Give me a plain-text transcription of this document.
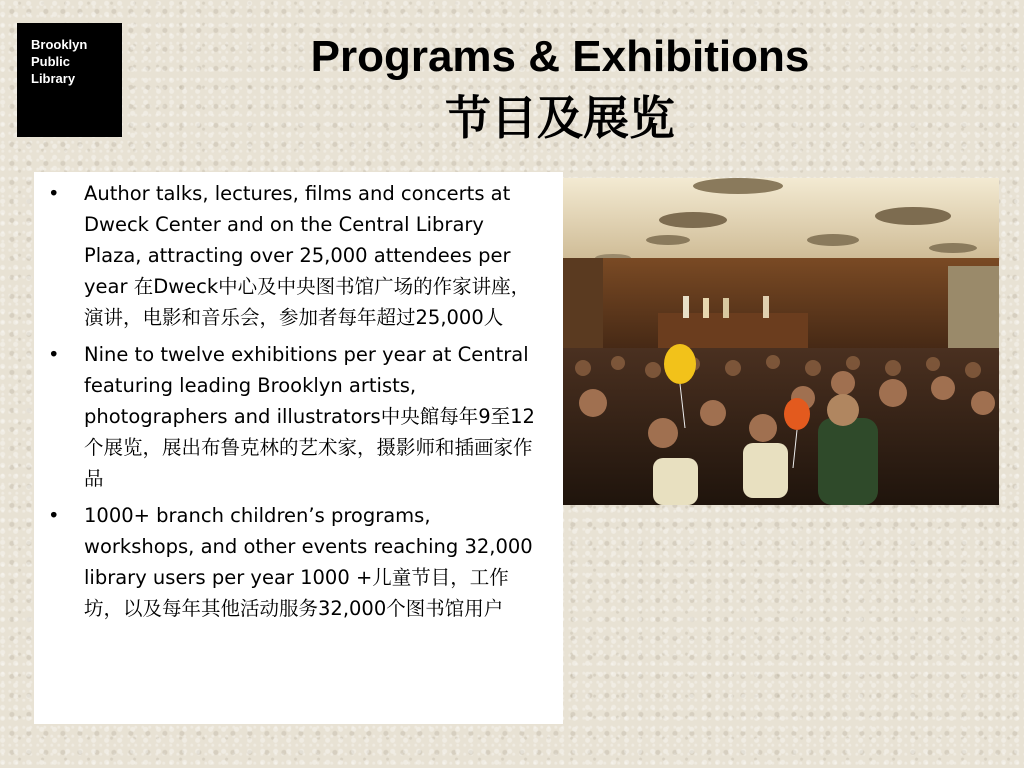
Brooklyn
Public
Library	Programs & Exhibitions
节目及展览
• Author talks, lectures, films and concerts at Dweck Center and on the Central Library Plaza, attracting over 25,000 attendees per year 在Dweck中心及中央图书馆广场的作家讲座，演讲，电影和音乐会，参加者每年超过25,000人
• Nine to twelve exhibitions per year at Central featuring leading Brooklyn artists, photographers and illustrators中央館每年9至12个展览，展出布鲁克林的艺术家，摄影师和插画家作品
• 1000+ branch children’s programs, workshops, and other events reaching 32,000 library users per year 1000 +儿童节目，工作坊，以及每年其他活动服务32,000个图书馆用户
